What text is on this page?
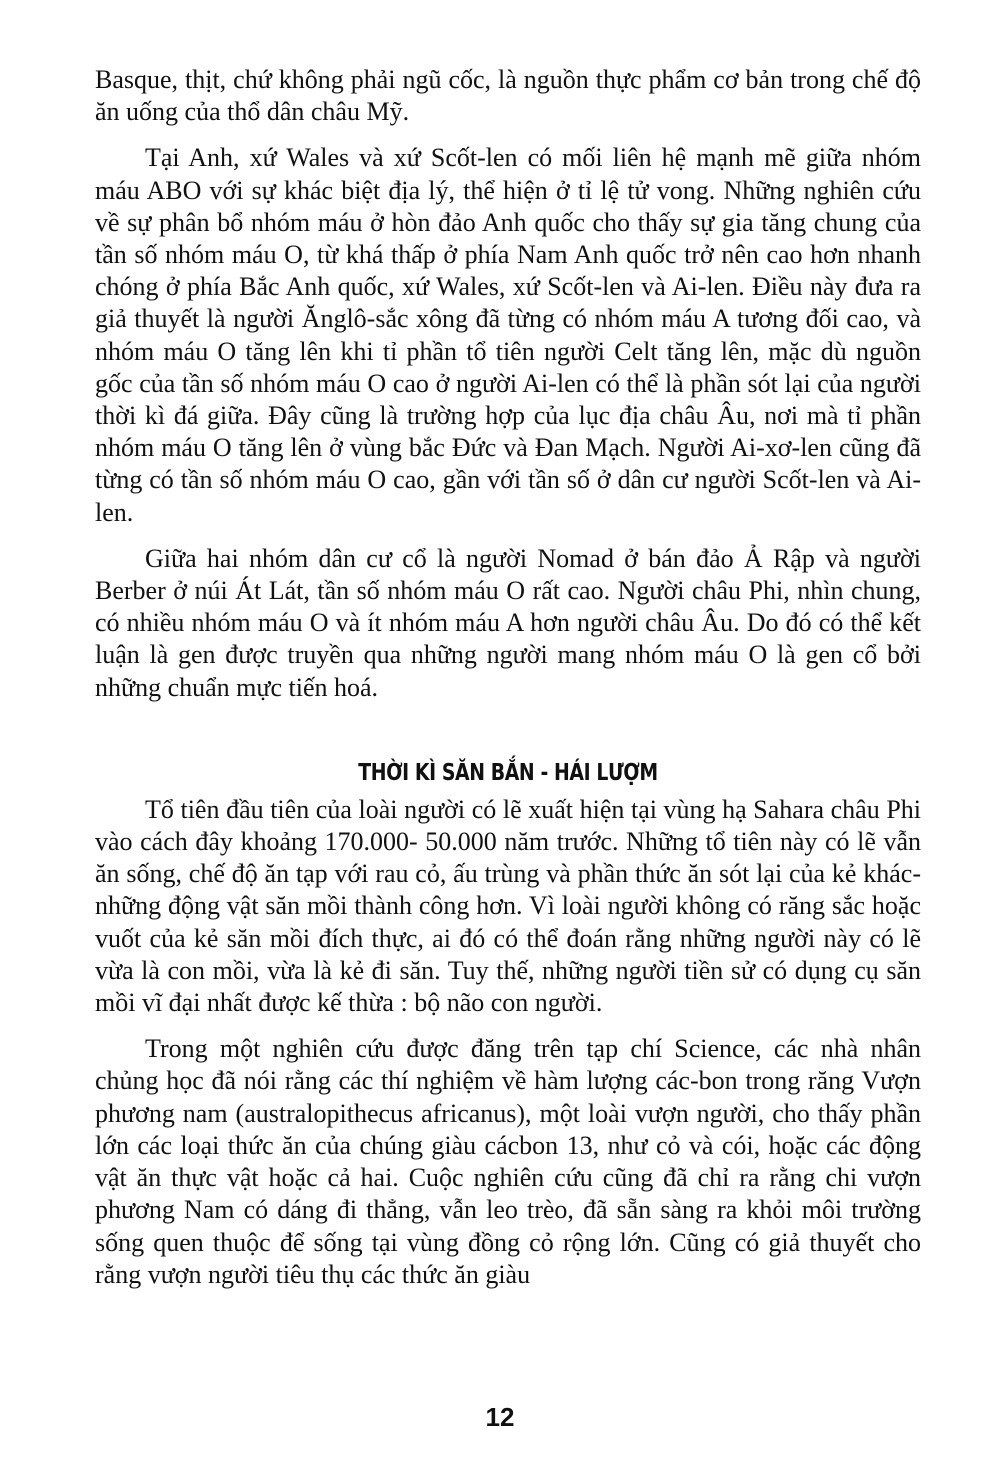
Basque, thịt, chứ không phải ngũ cốc, là nguồn thực phẩm cơ bản trong chế độ ăn uống của thổ dân châu Mỹ.

Tại Anh, xứ Wales và xứ Scốt-len có mối liên hệ mạnh mẽ giữa nhóm máu ABO với sự khác biệt địa lý, thể hiện ở tỉ lệ tử vong. Những nghiên cứu về sự phân bổ nhóm máu ở hòn đảo Anh quốc cho thấy sự gia tăng chung của tần số nhóm máu O, từ khá thấp ở phía Nam Anh quốc trở nên cao hơn nhanh chóng ở phía Bắc Anh quốc, xứ Wales, xứ Scốt-len và Ai-len. Điều này đưa ra giả thuyết là người Ănglô-sắc xông đã từng có nhóm máu A tương đối cao, và nhóm máu O tăng lên khi tỉ phần tổ tiên người Celt tăng lên, mặc dù nguồn gốc của tần số nhóm máu O cao ở người Ai-len có thể là phần sót lại của người thời kì đá giữa. Đây cũng là trường hợp của lục địa châu Âu, nơi mà tỉ phần nhóm máu O tăng lên ở vùng bắc Đức và Đan Mạch. Người Ai-xơ-len cũng đã từng có tần số nhóm máu O cao, gần với tần số ở dân cư người Scốt-len và Ai-len.

Giữa hai nhóm dân cư cổ là người Nomad ở bán đảo Ả Rập và người Berber ở núi Át Lát, tần số nhóm máu O rất cao. Người châu Phi, nhìn chung, có nhiều nhóm máu O và ít nhóm máu A hơn người châu Âu. Do đó có thể kết luận là gen được truyền qua những người mang nhóm máu O là gen cổ bởi những chuẩn mực tiến hoá.

THỜI KÌ SĂN BẮN - HÁI LƯỢM

Tổ tiên đầu tiên của loài người có lẽ xuất hiện tại vùng hạ Sahara châu Phi vào cách đây khoảng 170.000- 50.000 năm trước. Những tổ tiên này có lẽ vẫn ăn sống, chế độ ăn tạp với rau cỏ, ấu trùng và phần thức ăn sót lại của kẻ khác- những động vật săn mồi thành công hơn. Vì loài người không có răng sắc hoặc vuốt của kẻ săn mồi đích thực, ai đó có thể đoán rằng những người này có lẽ vừa là con mồi, vừa là kẻ đi săn. Tuy thế, những người tiền sử có dụng cụ săn mồi vĩ đại nhất được kế thừa : bộ não con người.

Trong một nghiên cứu được đăng trên tạp chí Science, các nhà nhân chủng học đã nói rằng các thí nghiệm về hàm lượng các-bon trong răng Vượn phương nam (australopithecus africanus), một loài vượn người, cho thấy phần lớn các loại thức ăn của chúng giàu cácbon 13, như cỏ và cói, hoặc các động vật ăn thực vật hoặc cả hai. Cuộc nghiên cứu cũng đã chỉ ra rằng chi vượn phương Nam có dáng đi thẳng, vẫn leo trèo, đã sẵn sàng ra khỏi môi trường sống quen thuộc để sống tại vùng đồng cỏ rộng lớn. Cũng có giả thuyết cho rằng vượn người tiêu thụ các thức ăn giàu

12
